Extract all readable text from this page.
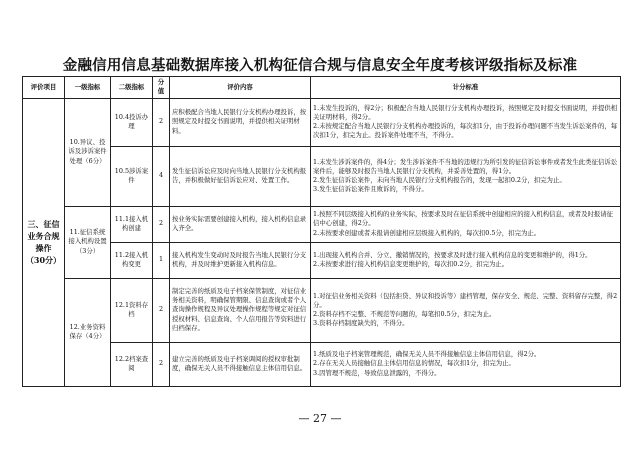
金融信用信息基础数据库接入机构征信合规与信息安全年度考核评级指标及标准
评价项目	一级指标	二级指标	分值	评价内容	计分标准

三、征信业务合规操作
（30分）	10.异议、投诉及涉诉案件处理（6分）	10.4投诉办理	2	应积极配合当地人民银行分支机构办理投诉，按照规定及时提交书面说明，并提供相关证明材料。	1.未发生投诉的，得2分；积极配合当地人民银行分支机构办理投诉，按照规定及时提交书面说明，并提供相关证明材料，得2分。
2.未按规定配合当地人民银行分支机构办理投诉的，每次扣1分，由于投诉办理问题不当发生诉讼案件的，每次扣1分，扣完为止。投诉案件处理不当，不得分。

		10.5涉诉案件	4	发生征信诉讼应及时向当地人民银行分支机构报告，并积极做好征信诉讼应对、处置工作。	1.未发生涉诉案件的，得4分；发生涉诉案件不当地的违规行为所引发的征信诉讼事件或者发生此类征信诉讼案件后，能够及时报告当地人民银行分支机构，并妥善处置的，得1分。
2.发生征信诉讼案件，未向当地人民银行分支机构报告的，发现一起扣0.2分，扣完为止。
3.发生征信诉讼案件且败诉的，不得分。

	11.征信系统接入机构设置（3分）	11.1接入机构创建	2	按业务实际需要创建接入机构，接入机构信息录入齐全。	1.按照不同层级接入机构的业务实际，按要求及时在征信系统中创建相应的接入机构信息，或者及时报请征信中心创建，得2分。
2.未按要求创建或者未报请创建相应层级接入机构的，每次扣0.5分，扣完为止。

		11.2接入机构变更	1	接入机构发生变动时及时报告当地人民银行分支机构，并及时维护更新接入机构信息。	1.出现接入机构合并、分立、撤销情况的，按要求及时进行接入机构信息的变更和维护的，得1分。
2.未按要求进行接入机构信息变更维护的，每次扣0.2分，扣完为止。

	12.业务资料保存（4分）	12.1资料存档	2	制定完善的纸质及电子档案保管制度，对征信业务相关资料，明确保管期限、信息查询或者个人查询操作规程及异议处理操作规程等规定对征信授权材料、信息查询、个人信用报告等资料进行归档保存。	1.对征信业务相关资料（包括拒贷、异议和投诉等）建档管理，保存安全、规范、完整、资料留存完整，得2分。
2.资料存档不完整、不规范等问题的，每笔扣0.5分，扣完为止。
3.资料存档制度缺失的，不得分。

		12.2档案查阅	2	建立完善的纸质及电子档案调阅的授权审批制度，确保无关人员不得接触信息主体信用信息。	1.纸质及电子档案管理规范，确保无关人员不得接触信息主体信用信息，得2分。
2.存在无关人员接触信息主体信用信息的情况，每次扣1分，扣完为止。
3.因管理不规范，导致信息泄露的，不得分。
— 27 —
